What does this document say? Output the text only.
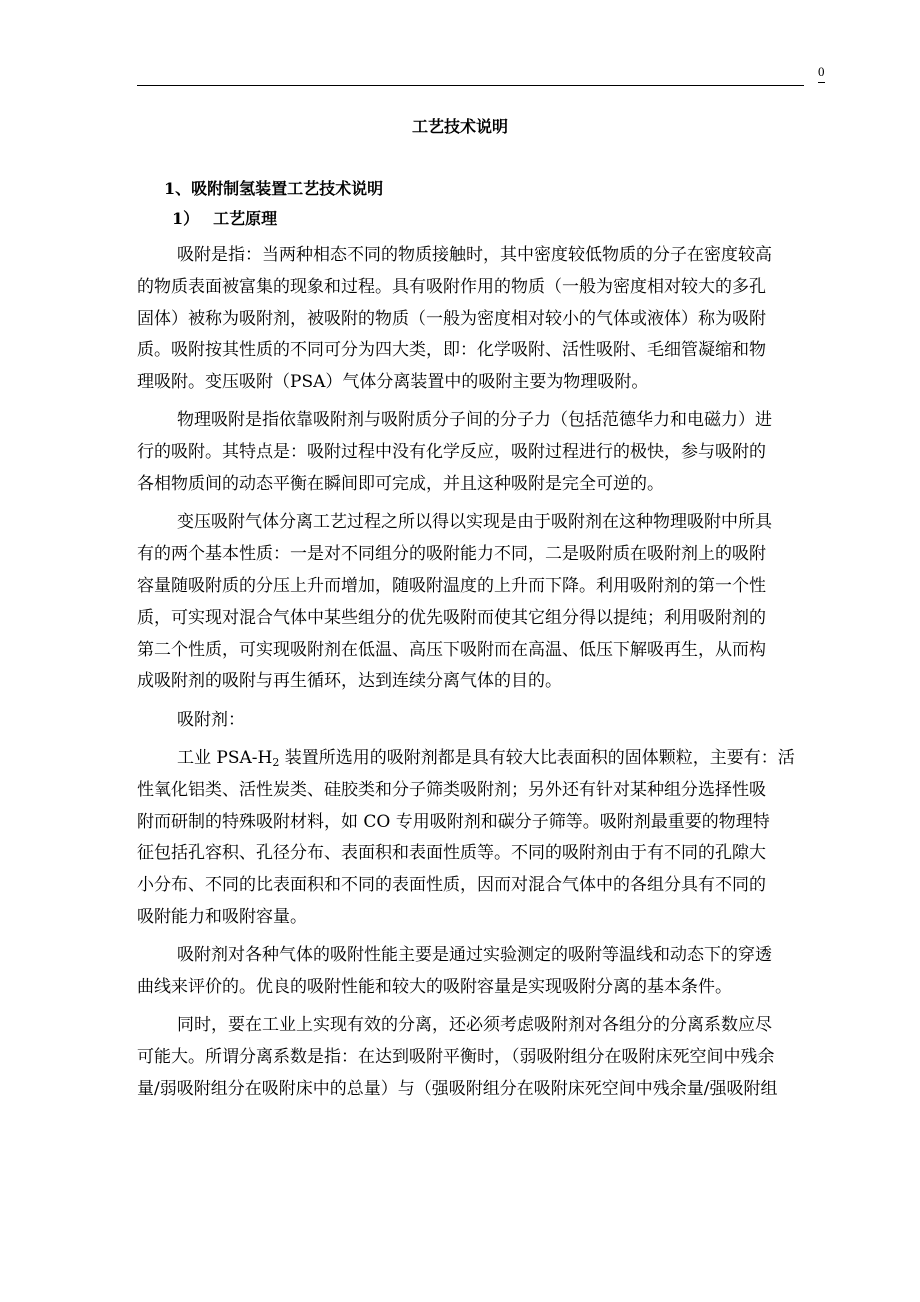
0
工艺技术说明
1、吸附制氢装置工艺技术说明
1） 工艺原理
吸附是指：当两种相态不同的物质接触时，其中密度较低物质的分子在密度较高
的物质表面被富集的现象和过程。具有吸附作用的物质（一般为密度相对较大的多孔
固体）被称为吸附剂，被吸附的物质（一般为密度相对较小的气体或液体）称为吸附
质。吸附按其性质的不同可分为四大类，即：化学吸附、活性吸附、毛细管凝缩和物
理吸附。变压吸附（PSA）气体分离装置中的吸附主要为物理吸附。
物理吸附是指依靠吸附剂与吸附质分子间的分子力（包括范德华力和电磁力）进
行的吸附。其特点是：吸附过程中没有化学反应，吸附过程进行的极快，参与吸附的
各相物质间的动态平衡在瞬间即可完成，并且这种吸附是完全可逆的。
变压吸附气体分离工艺过程之所以得以实现是由于吸附剂在这种物理吸附中所具
有的两个基本性质：一是对不同组分的吸附能力不同，二是吸附质在吸附剂上的吸附
容量随吸附质的分压上升而增加，随吸附温度的上升而下降。利用吸附剂的第一个性
质，可实现对混合气体中某些组分的优先吸附而使其它组分得以提纯；利用吸附剂的
第二个性质，可实现吸附剂在低温、高压下吸附而在高温、低压下解吸再生，从而构
成吸附剂的吸附与再生循环，达到连续分离气体的目的。
吸附剂：
工业 PSA-$H_2$ 装置所选用的吸附剂都是具有较大比表面积的固体颗粒，主要有：活
性氧化铝类、活性炭类、硅胶类和分子筛类吸附剂；另外还有针对某种组分选择性吸
附而研制的特殊吸附材料，如 CO 专用吸附剂和碳分子筛等。吸附剂最重要的物理特
征包括孔容积、孔径分布、表面积和表面性质等。不同的吸附剂由于有不同的孔隙大
小分布、不同的比表面积和不同的表面性质，因而对混合气体中的各组分具有不同的
吸附能力和吸附容量。
吸附剂对各种气体的吸附性能主要是通过实验测定的吸附等温线和动态下的穿透
曲线来评价的。优良的吸附性能和较大的吸附容量是实现吸附分离的基本条件。
同时，要在工业上实现有效的分离，还必须考虑吸附剂对各组分的分离系数应尽
可能大。所谓分离系数是指：在达到吸附平衡时，（弱吸附组分在吸附床死空间中残余
量/弱吸附组分在吸附床中的总量）与（强吸附组分在吸附床死空间中残余量/强吸附组
